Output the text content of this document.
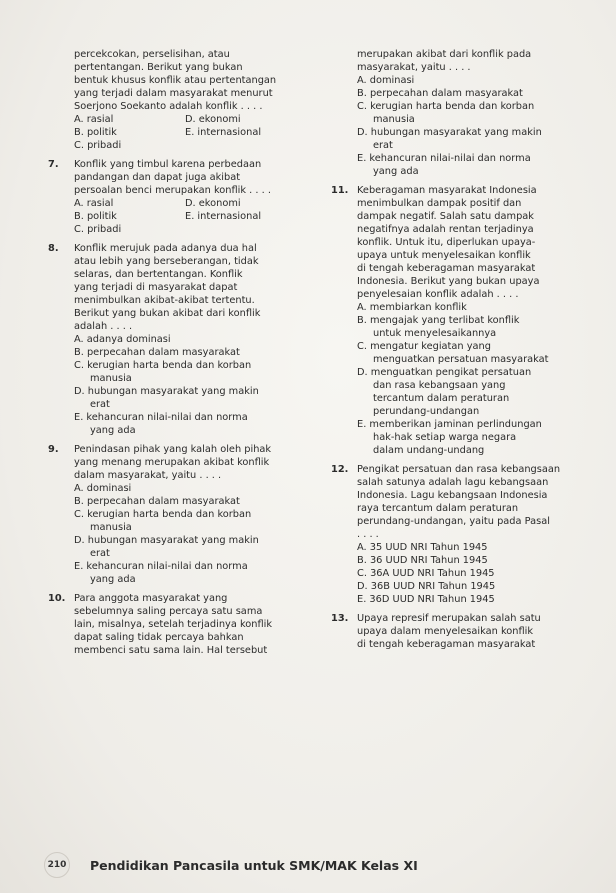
percekcokan, perselisihan, atau
pertentangan. Berikut yang bukan
bentuk khusus konflik atau pertentangan
yang terjadi dalam masyarakat menurut
Soerjono Soekanto adalah konflik . . . .
A. rasial	D. ekonomi
B. politik	E. internasional
C. pribadi
7. Konflik yang timbul karena perbedaan
pandangan dan dapat juga akibat
persoalan benci merupakan konflik . . . .
A. rasial	D. ekonomi
B. politik	E. internasional
C. pribadi
8. Konflik merujuk pada adanya dua hal
atau lebih yang berseberangan, tidak
selaras, dan bertentangan. Konflik
yang terjadi di masyarakat dapat
menimbulkan akibat-akibat tertentu.
Berikut yang bukan akibat dari konflik
adalah . . . .
A. adanya dominasi
B. perpecahan dalam masyarakat
C. kerugian harta benda dan korban
manusia
D. hubungan masyarakat yang makin
erat
E. kehancuran nilai-nilai dan norma
yang ada
9. Penindasan pihak yang kalah oleh pihak
yang menang merupakan akibat konflik
dalam masyarakat, yaitu . . . .
A. dominasi
B. perpecahan dalam masyarakat
C. kerugian harta benda dan korban
manusia
D. hubungan masyarakat yang makin
erat
E. kehancuran nilai-nilai dan norma
yang ada
10. Para anggota masyarakat yang
sebelumnya saling percaya satu sama
lain, misalnya, setelah terjadinya konflik
dapat saling tidak percaya bahkan
membenci satu sama lain. Hal tersebut
merupakan akibat dari konflik pada
masyarakat, yaitu . . . .
A. dominasi
B. perpecahan dalam masyarakat
C. kerugian harta benda dan korban
manusia
D. hubungan masyarakat yang makin
erat
E. kehancuran nilai-nilai dan norma
yang ada
11. Keberagaman masyarakat Indonesia
menimbulkan dampak positif dan
dampak negatif. Salah satu dampak
negatifnya adalah rentan terjadinya
konflik. Untuk itu, diperlukan upaya-
upaya untuk menyelesaikan konflik
di tengah keberagaman masyarakat
Indonesia. Berikut yang bukan upaya
penyelesaian konflik adalah . . . .
A. membiarkan konflik
B. mengajak yang terlibat konflik
untuk menyelesaikannya
C. mengatur kegiatan yang
menguatkan persatuan masyarakat
D. menguatkan pengikat persatuan
dan rasa kebangsaan yang
tercantum dalam peraturan
perundang-undangan
E. memberikan jaminan perlindungan
hak-hak setiap warga negara
dalam undang-undang
12. Pengikat persatuan dan rasa kebangsaan
salah satunya adalah lagu kebangsaan
Indonesia. Lagu kebangsaan Indonesia
raya tercantum dalam peraturan
perundang-undangan, yaitu pada Pasal
. . . .
A. 35 UUD NRI Tahun 1945
B. 36 UUD NRI Tahun 1945
C. 36A UUD NRI Tahun 1945
D. 36B UUD NRI Tahun 1945
E. 36D UUD NRI Tahun 1945
13. Upaya represif merupakan salah satu
upaya dalam menyelesaikan konflik
di tengah keberagaman masyarakat
210 Pendidikan Pancasila untuk SMK/MAK Kelas XI
